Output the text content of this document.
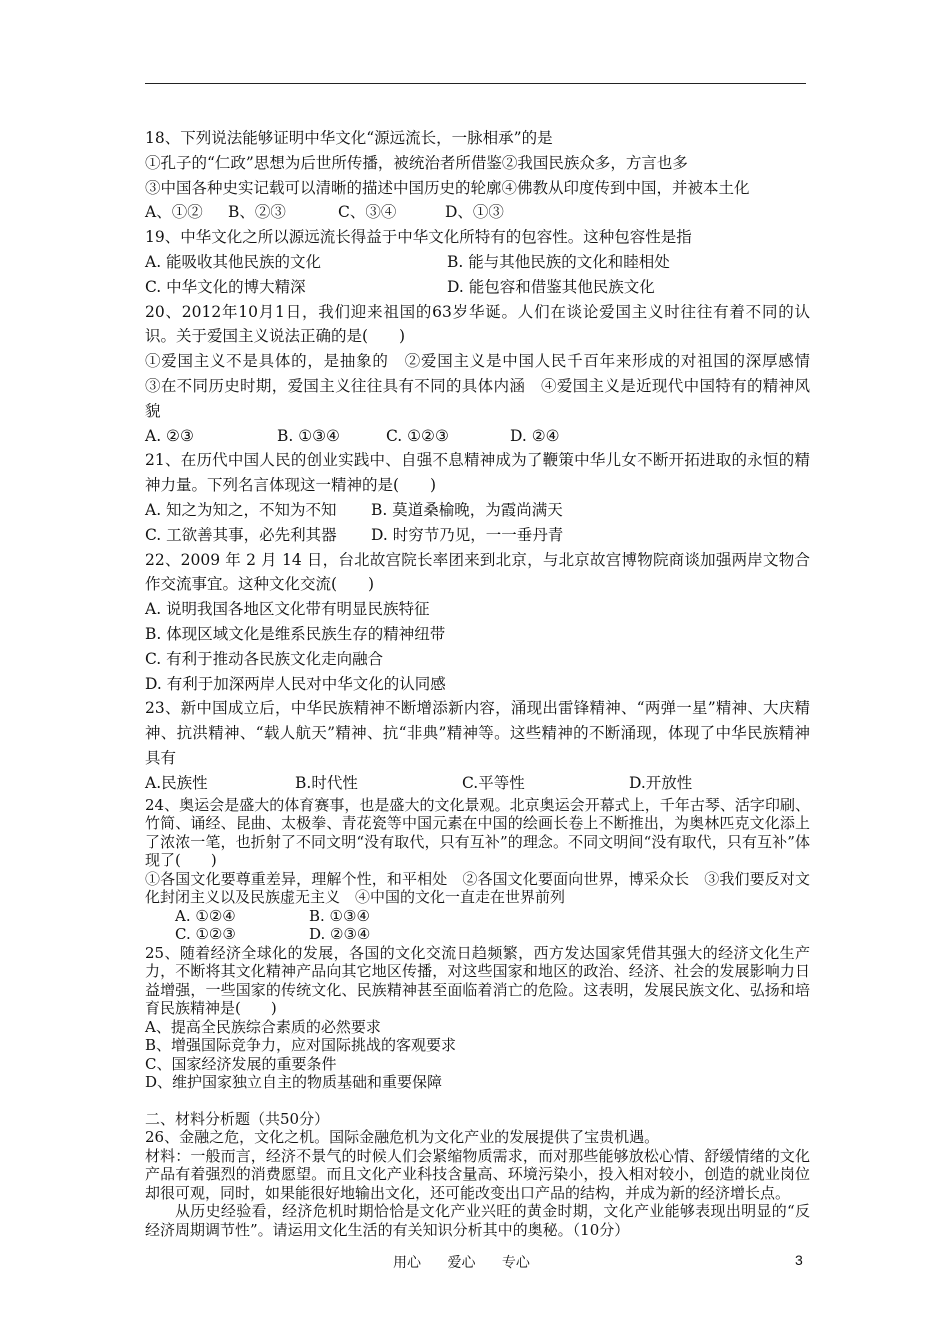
18、下列说法能够证明中华文化“源远流长，一脉相承”的是

①孔子的“仁政”思想为后世所传播，被统治者所借鉴②我国民族众多，方言也多

③中国各种史实记载可以清晰的描述中国历史的轮廓④佛教从印度传到中国，并被本土化

A、①②	B、②③	C、③④	D、①③

19、中华文化之所以源远流长得益于中华文化所特有的包容性。这种包容性是指

A. 能吸收其他民族的文化	B. 能与其他民族的文化和睦相处

C. 中华文化的博大精深	D. 能包容和借鉴其他民族文化

20、2012年10月1日，我们迎来祖国的63岁华诞。人们在谈论爱国主义时往往有着不同的认识。关于爱国主义说法正确的是(　　)

①爱国主义不是具体的，是抽象的　②爱国主义是中国人民千百年来形成的对祖国的深厚感情　③在不同历史时期，爱国主义往往具有不同的具体内涵　④爱国主义是近现代中国特有的精神风貌

A. ②③	B. ①③④	C. ①②③	D. ②④

21、在历代中国人民的创业实践中、自强不息精神成为了鞭策中华儿女不断开拓进取的永恒的精神力量。下列名言体现这一精神的是(　　)

A. 知之为知之，不知为不知	B. 莫道桑榆晚，为霞尚满天

C. 工欲善其事，必先利其器	D. 时穷节乃见，一一垂丹青

22、2009 年 2 月 14 日，台北故宫院长率团来到北京，与北京故宫博物院商谈加强两岸文物合作交流事宜。这种文化交流(　　)

A. 说明我国各地区文化带有明显民族特征

B. 体现区域文化是维系民族生存的精神纽带

C. 有利于推动各民族文化走向融合

D. 有利于加深两岸人民对中华文化的认同感

23、新中国成立后，中华民族精神不断增添新内容，涌现出雷锋精神、“两弹一星”精神、大庆精神、抗洪精神、“载人航天”精神、抗“非典”精神等。这些精神的不断涌现，体现了中华民族精神具有

A.民族性	B.时代性	C.平等性	D.开放性

24、奥运会是盛大的体育赛事，也是盛大的文化景观。北京奥运会开幕式上，千年古琴、活字印刷、竹简、诵经、昆曲、太极拳、青花瓷等中国元素在中国的绘画长卷上不断推出，为奥林匹克文化添上了浓浓一笔，也折射了不同文明“没有取代，只有互补”的理念。不同文明间“没有取代，只有互补”体现了(　　)

①各国文化要尊重差异，理解个性，和平相处　②各国文化要面向世界，博采众长　③我们要反对文化封闭主义以及民族虚无主义　④中国的文化一直走在世界前列

A. ①②④	B. ①③④

C. ①②③	D. ②③④

25、随着经济全球化的发展，各国的文化交流日趋频繁，西方发达国家凭借其强大的经济文化生产力，不断将其文化精神产品向其它地区传播，对这些国家和地区的政治、经济、社会的发展影响力日益增强，一些国家的传统文化、民族精神甚至面临着消亡的危险。这表明，发展民族文化、弘扬和培育民族精神是(　　)

A、提高全民族综合素质的必然要求

B、增强国际竞争力，应对国际挑战的客观要求

C、国家经济发展的重要条件

D、维护国家独立自主的物质基础和重要保障

二、材料分析题（共50分）

26、金融之危，文化之机。国际金融危机为文化产业的发展提供了宝贵机遇。

材料：一般而言，经济不景气的时候人们会紧缩物质需求，而对那些能够放松心情、舒缓情绪的文化产品有着强烈的消费愿望。而且文化产业科技含量高、环境污染小，投入相对较小，创造的就业岗位却很可观，同时，如果能很好地输出文化，还可能改变出口产品的结构，并成为新的经济增长点。

从历史经验看，经济危机时期恰恰是文化产业兴旺的黄金时期，文化产业能够表现出明显的“反经济周期调节性”。请运用文化生活的有关知识分析其中的奥秘。（10分）

用心 爱心 专心	3
